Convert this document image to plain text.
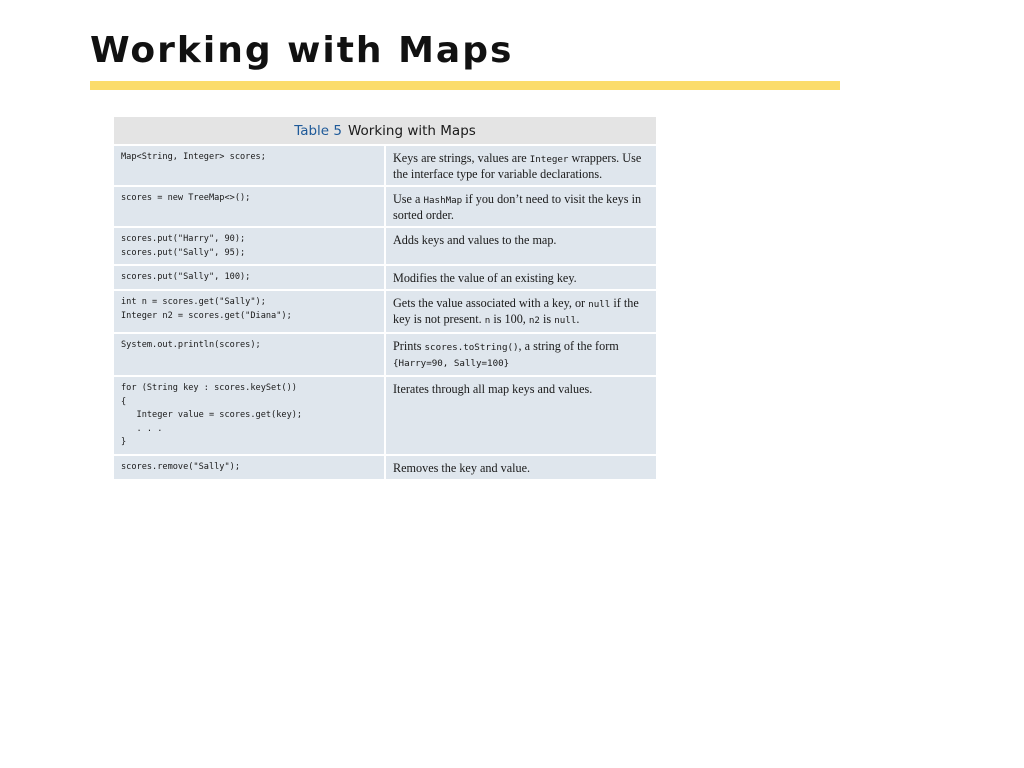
Working with Maps
Table 5 Working with Maps	
Map<String, Integer> scores;	Keys are strings, values are Integer wrappers. Use the interface type for variable declarations.
scores = new TreeMap<>();	Use a HashMap if you don’t need to visit the keys in sorted order.
scores.put("Harry", 90);
scores.put("Sally", 95);	Adds keys and values to the map.
scores.put("Sally", 100);	Modifies the value of an existing key.
int n = scores.get("Sally");
Integer n2 = scores.get("Diana");	Gets the value associated with a key, or null if the key is not present. n is 100, n2 is null.
System.out.println(scores);	Prints scores.toString(), a string of the form {Harry=90, Sally=100}
for (String key : scores.keySet())
{
Integer value = scores.get(key);
. . .
}	Iterates through all map keys and values.
scores.remove("Sally");	Removes the key and value.
